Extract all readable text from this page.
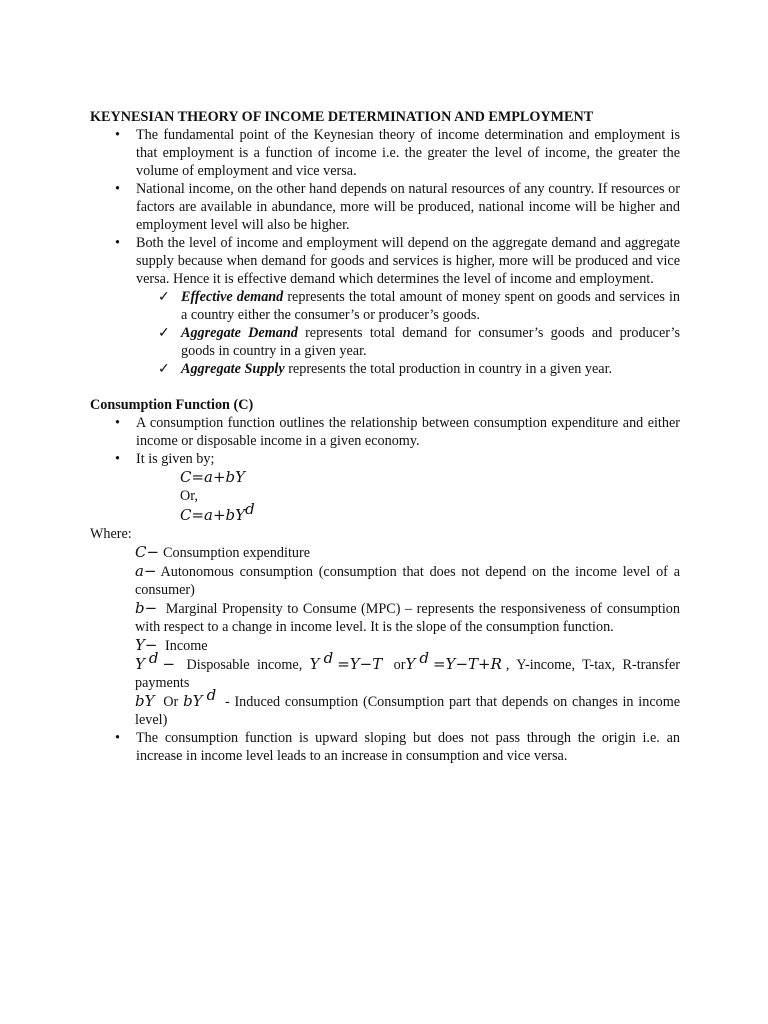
KEYNESIAN THEORY OF INCOME DETERMINATION AND EMPLOYMENT
• The fundamental point of the Keynesian theory of income determination and employment is that employment is a function of income i.e. the greater the level of income, the greater the volume of employment and vice versa.
• National income, on the other hand depends on natural resources of any country. If resources or factors are available in abundance, more will be produced, national income will be higher and employment level will also be higher.
• Both the level of income and employment will depend on the aggregate demand and aggregate supply because when demand for goods and services is higher, more will be produced and vice versa. Hence it is effective demand which determines the level of income and employment.
✓ Effective demand represents the total amount of money spent on goods and services in a country either the consumer’s or producer’s goods.
✓ Aggregate Demand represents total demand for consumer’s goods and producer’s goods in country in a given year.
✓ Aggregate Supply represents the total production in country in a given year.
Consumption Function (C)
• A consumption function outlines the relationship between consumption expenditure and either income or disposable income in a given economy.
• It is given by;
C=a+bY
Or,
$C=a+bY^d$
Where:
C− Consumption expenditure
a− Autonomous consumption (consumption that does not depend on the income level of a consumer)
b− Marginal Propensity to Consume (MPC) – represents the responsiveness of consumption with respect to a change in income level. It is the slope of the consumption function.
Y− Income
Y $^d$ − Disposable income, Y $^d$ =Y−T orY $^d$ =Y−T+R , Y-income, T-tax, R-transfer payments
bY Or bY $^d$ - Induced consumption (Consumption part that depends on changes in income level)
• The consumption function is upward sloping but does not pass through the origin i.e. an increase in income level leads to an increase in consumption and vice versa.
